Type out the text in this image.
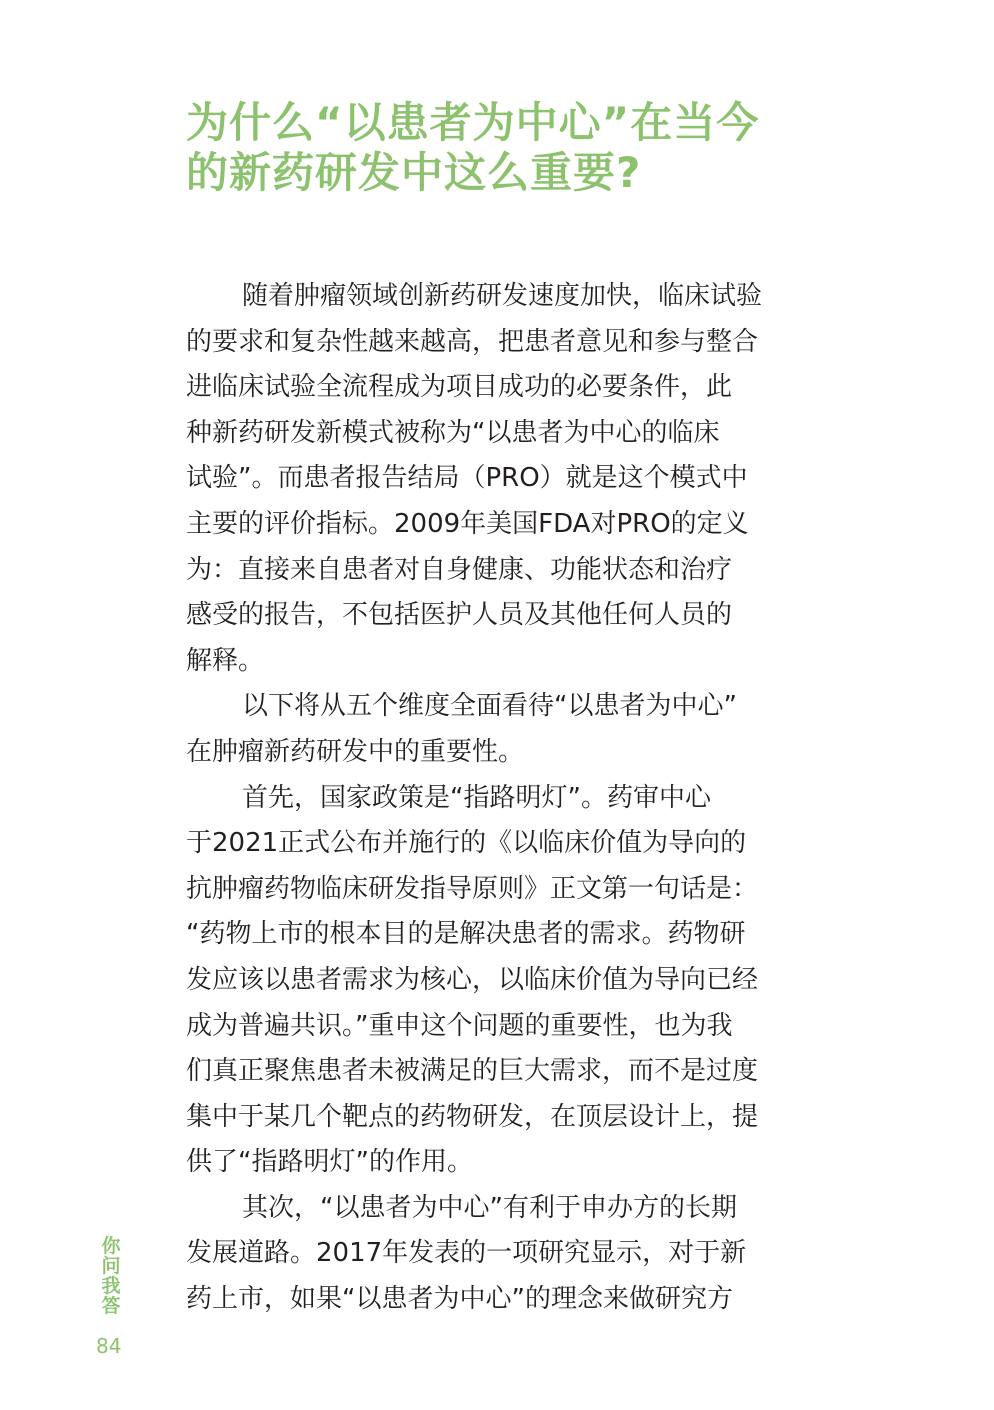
为什么“以患者为中心”在当今
的新药研发中这么重要?

随着肿瘤领域创新药研发速度加快，临床试验
的要求和复杂性越来越高，把患者意见和参与整合
进临床试验全流程成为项目成功的必要条件，此
种新药研发新模式被称为“以患者为中心的临床
试验”。而患者报告结局（PRO）就是这个模式中
主要的评价指标。2009年美国FDA对PRO的定义
为：直接来自患者对自身健康、功能状态和治疗
感受的报告，不包括医护人员及其他任何人员的
解释。

以下将从五个维度全面看待“以患者为中心”
在肿瘤新药研发中的重要性。

首先，国家政策是“指路明灯”。药审中心
于2021正式公布并施行的《以临床价值为导向的
抗肿瘤药物临床研发指导原则》正文第一句话是：
“药物上市的根本目的是解决患者的需求。药物研
发应该以患者需求为核心，以临床价值为导向已经
成为普遍共识。”重申这个问题的重要性，也为我
们真正聚焦患者未被满足的巨大需求，而不是过度
集中于某几个靶点的药物研发，在顶层设计上，提
供了“指路明灯”的作用。

其次，“以患者为中心”有利于申办方的长期
发展道路。2017年发表的一项研究显示，对于新
药上市，如果“以患者为中心”的理念来做研究方

你
问
我
答
84
